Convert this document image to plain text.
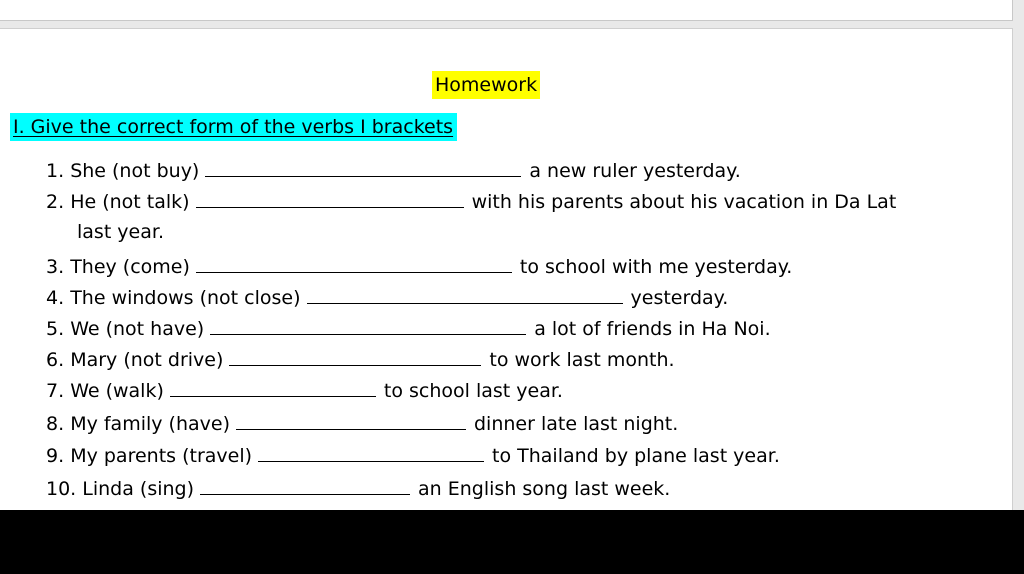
Homework
I. Give the correct form of the verbs I brackets
1. She (not buy)	a new ruler yesterday.
2. He (not talk)	with his parents about his vacation in Da Lat
last year.
3. They (come)	to school with me yesterday.
4. The windows (not close)	yesterday.
5. We (not have)	a lot of friends in Ha Noi.
6. Mary (not drive)	to work last month.
7. We (walk)	to school last year.
8. My family (have)	dinner late last night.
9. My parents (travel)	to Thailand by plane last year.
10. Linda (sing)	an English song last week.
